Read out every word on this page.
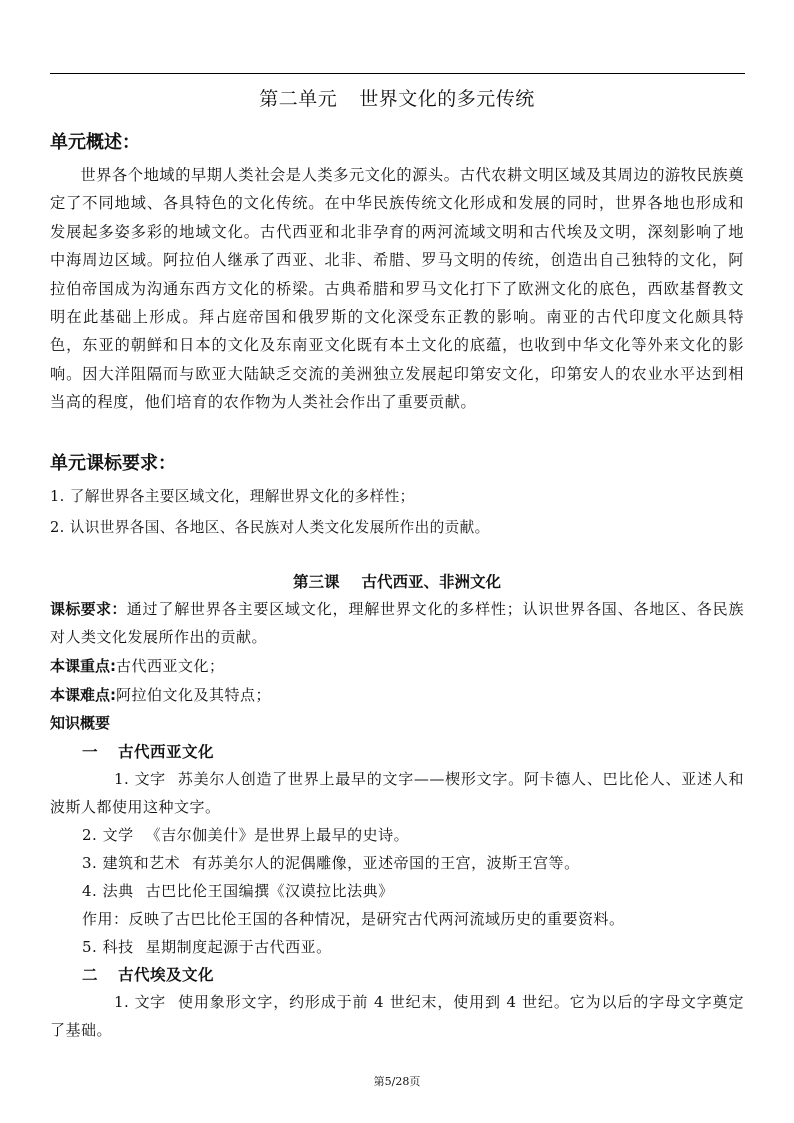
第二单元 世界文化的多元传统
单元概述：
世界各个地域的早期人类社会是人类多元文化的源头。古代农耕文明区域及其周边的游牧民族奠定了不同地域、各具特色的文化传统。在中华民族传统文化形成和发展的同时，世界各地也形成和发展起多姿多彩的地域文化。古代西亚和北非孕育的两河流域文明和古代埃及文明，深刻影响了地中海周边区域。阿拉伯人继承了西亚、北非、希腊、罗马文明的传统，创造出自己独特的文化，阿拉伯帝国成为沟通东西方文化的桥梁。古典希腊和罗马文化打下了欧洲文化的底色，西欧基督教文明在此基础上形成。拜占庭帝国和俄罗斯的文化深受东正教的影响。南亚的古代印度文化颇具特色，东亚的朝鲜和日本的文化及东南亚文化既有本土文化的底蕴，也收到中华文化等外来文化的影响。因大洋阻隔而与欧亚大陆缺乏交流的美洲独立发展起印第安文化，印第安人的农业水平达到相当高的程度，他们培育的农作物为人类社会作出了重要贡献。
单元课标要求：
1. 了解世界各主要区域文化，理解世界文化的多样性；
2. 认识世界各国、各地区、各民族对人类文化发展所作出的贡献。
第三课 古代西亚、非洲文化
课标要求：通过了解世界各主要区域文化，理解世界文化的多样性；认识世界各国、各地区、各民族对人类文化发展所作出的贡献。
本课重点:古代西亚文化；
本课难点:阿拉伯文化及其特点；
知识概要
一 古代西亚文化
1. 文字 苏美尔人创造了世界上最早的文字——楔形文字。阿卡德人、巴比伦人、亚述人和波斯人都使用这种文字。
2. 文学 《吉尔伽美什》是世界上最早的史诗。
3. 建筑和艺术 有苏美尔人的泥偶雕像，亚述帝国的王宫，波斯王宫等。
4. 法典 古巴比伦王国编撰《汉谟拉比法典》
作用：反映了古巴比伦王国的各种情况，是研究古代两河流域历史的重要资料。
5. 科技 星期制度起源于古代西亚。
二 古代埃及文化
1. 文字 使用象形文字，约形成于前 4 世纪末，使用到 4 世纪。它为以后的字母文字奠定了基础。
第5/28页
